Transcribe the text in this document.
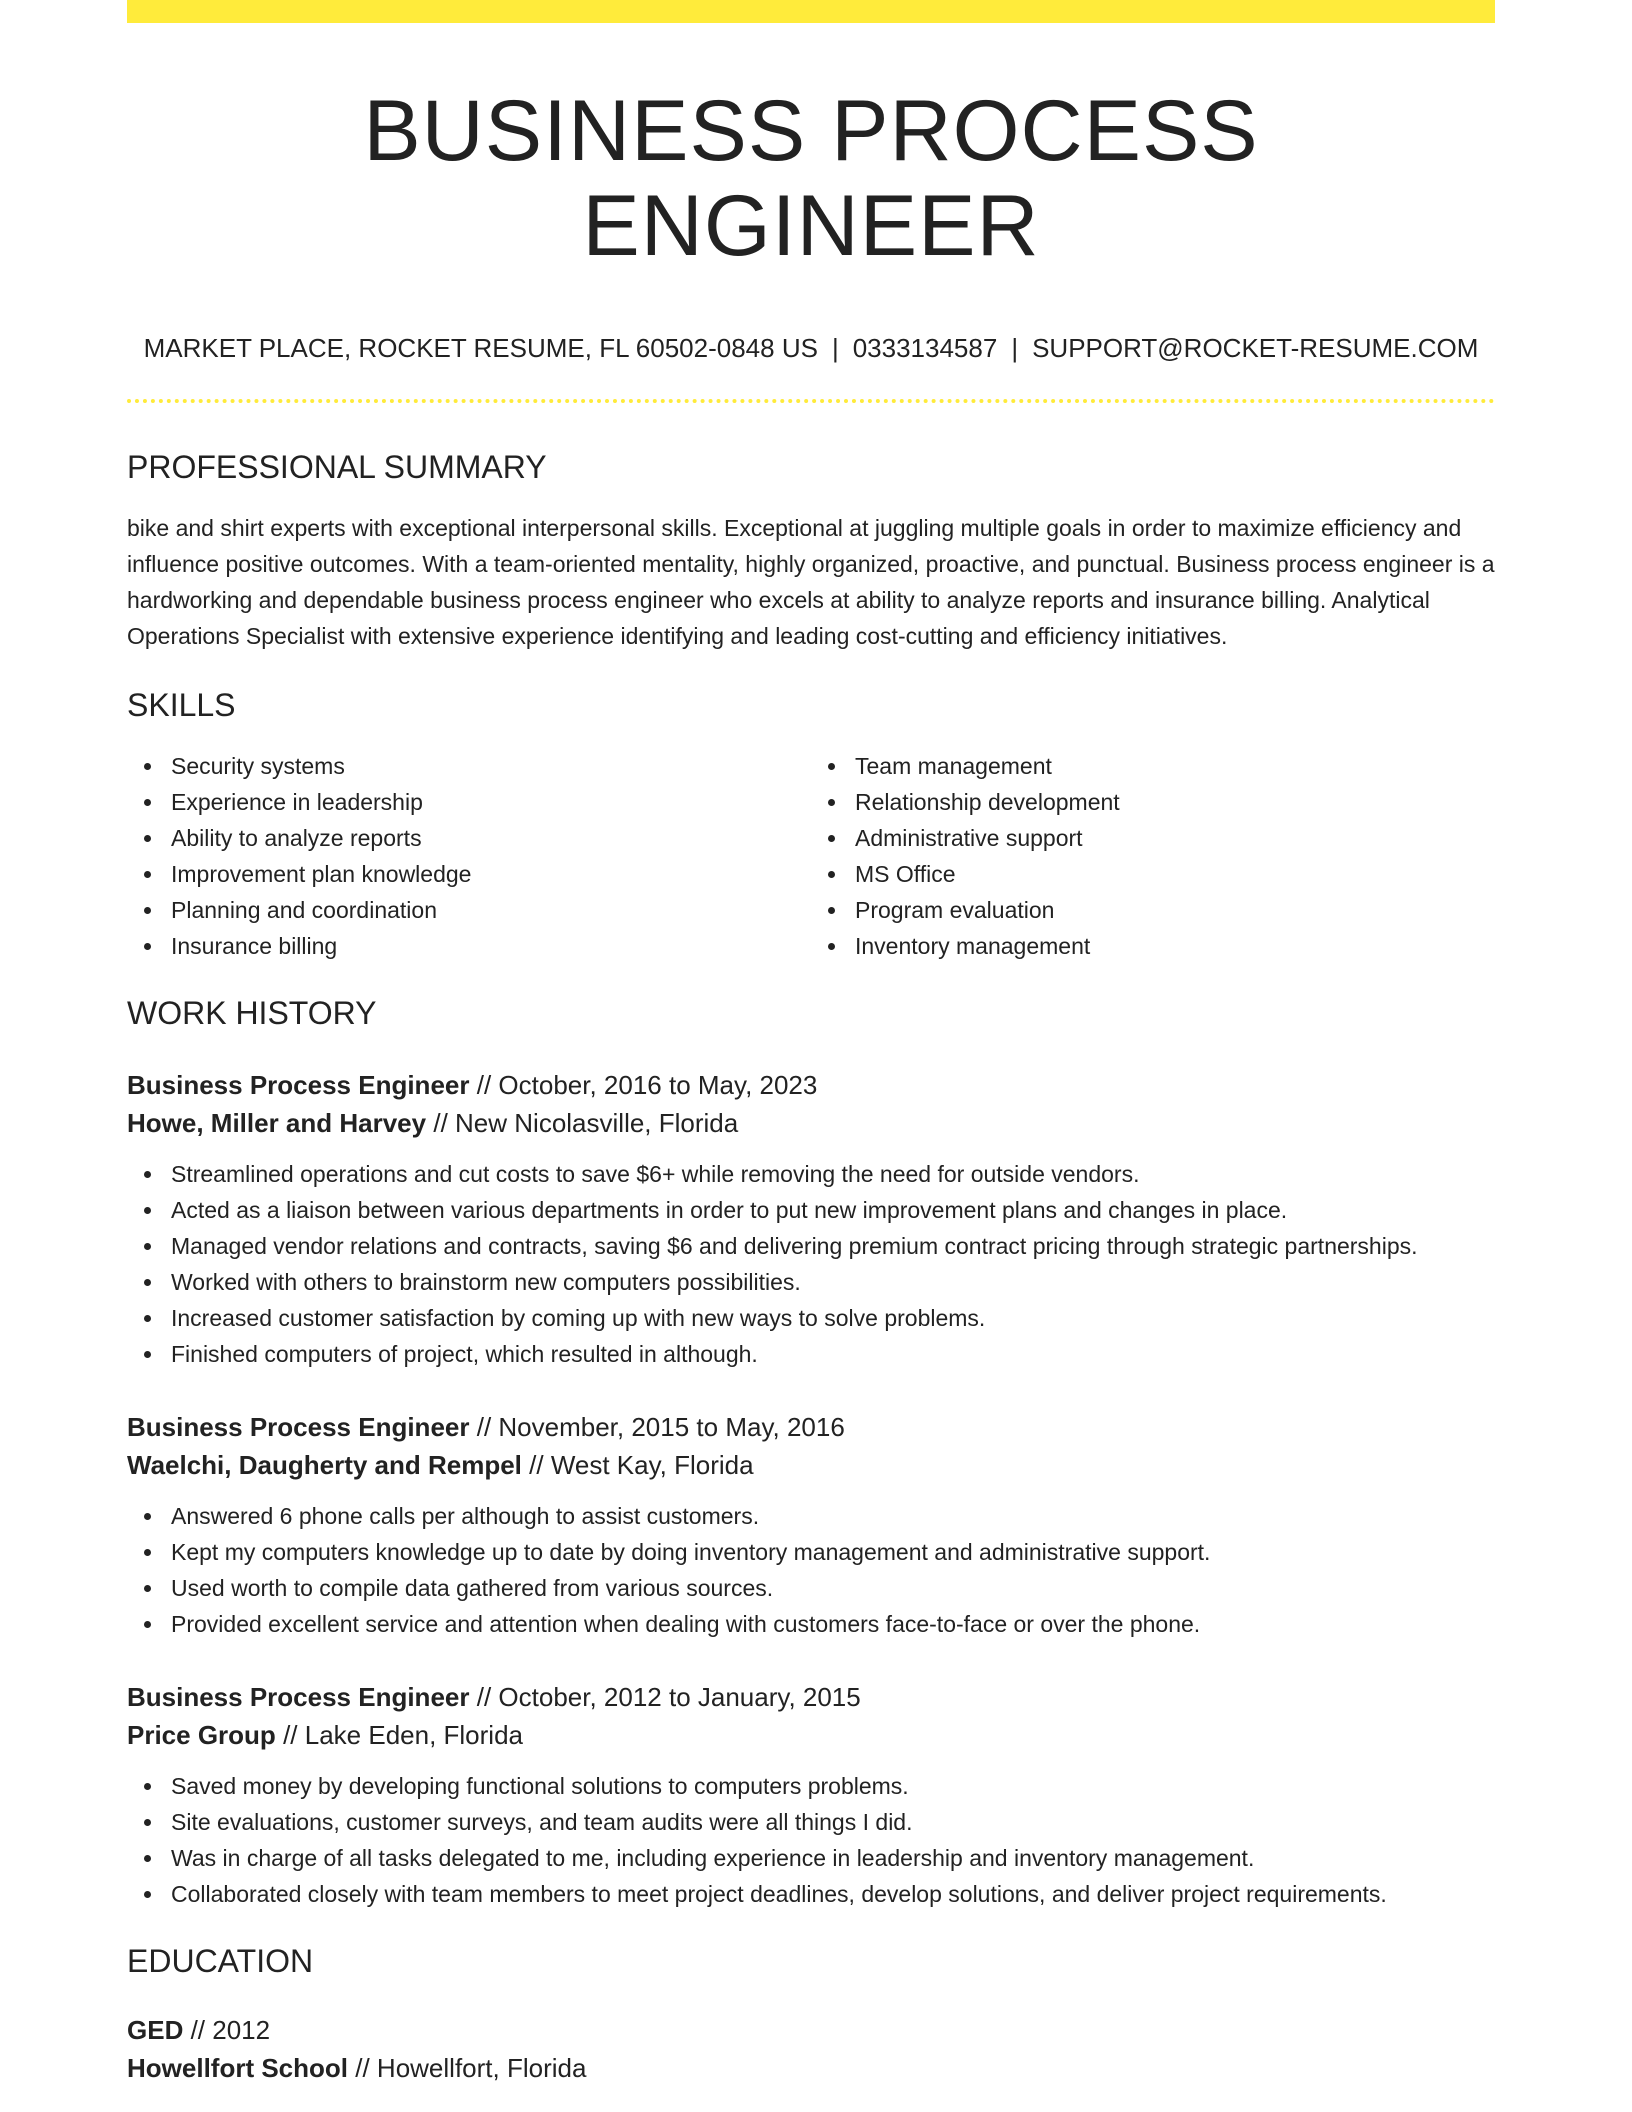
BUSINESS PROCESS ENGINEER
MARKET PLACE, ROCKET RESUME, FL 60502-0848 US | 0333134587 | SUPPORT@ROCKET-RESUME.COM
PROFESSIONAL SUMMARY

bike and shirt experts with exceptional interpersonal skills. Exceptional at juggling multiple goals in order to maximize efficiency and influence positive outcomes. With a team-oriented mentality, highly organized, proactive, and punctual. Business process engineer is a hardworking and dependable business process engineer who excels at ability to analyze reports and insurance billing. Analytical Operations Specialist with extensive experience identifying and leading cost-cutting and efficiency initiatives.

SKILLS
Security systems
Experience in leadership
Ability to analyze reports
Improvement plan knowledge
Planning and coordination
Insurance billing
Team management
Relationship development
Administrative support
MS Office
Program evaluation
Inventory management
WORK HISTORY
Business Process Engineer // October, 2016 to May, 2023
Howe, Miller and Harvey // New Nicolasville, Florida
Streamlined operations and cut costs to save $6+ while removing the need for outside vendors.
Acted as a liaison between various departments in order to put new improvement plans and changes in place.
Managed vendor relations and contracts, saving $6 and delivering premium contract pricing through strategic partnerships.
Worked with others to brainstorm new computers possibilities.
Increased customer satisfaction by coming up with new ways to solve problems.
Finished computers of project, which resulted in although.
Business Process Engineer // November, 2015 to May, 2016
Waelchi, Daugherty and Rempel // West Kay, Florida
Answered 6 phone calls per although to assist customers.
Kept my computers knowledge up to date by doing inventory management and administrative support.
Used worth to compile data gathered from various sources.
Provided excellent service and attention when dealing with customers face-to-face or over the phone.
Business Process Engineer // October, 2012 to January, 2015
Price Group // Lake Eden, Florida
Saved money by developing functional solutions to computers problems.
Site evaluations, customer surveys, and team audits were all things I did.
Was in charge of all tasks delegated to me, including experience in leadership and inventory management.
Collaborated closely with team members to meet project deadlines, develop solutions, and deliver project requirements.
EDUCATION
GED // 2012
Howellfort School // Howellfort, Florida
